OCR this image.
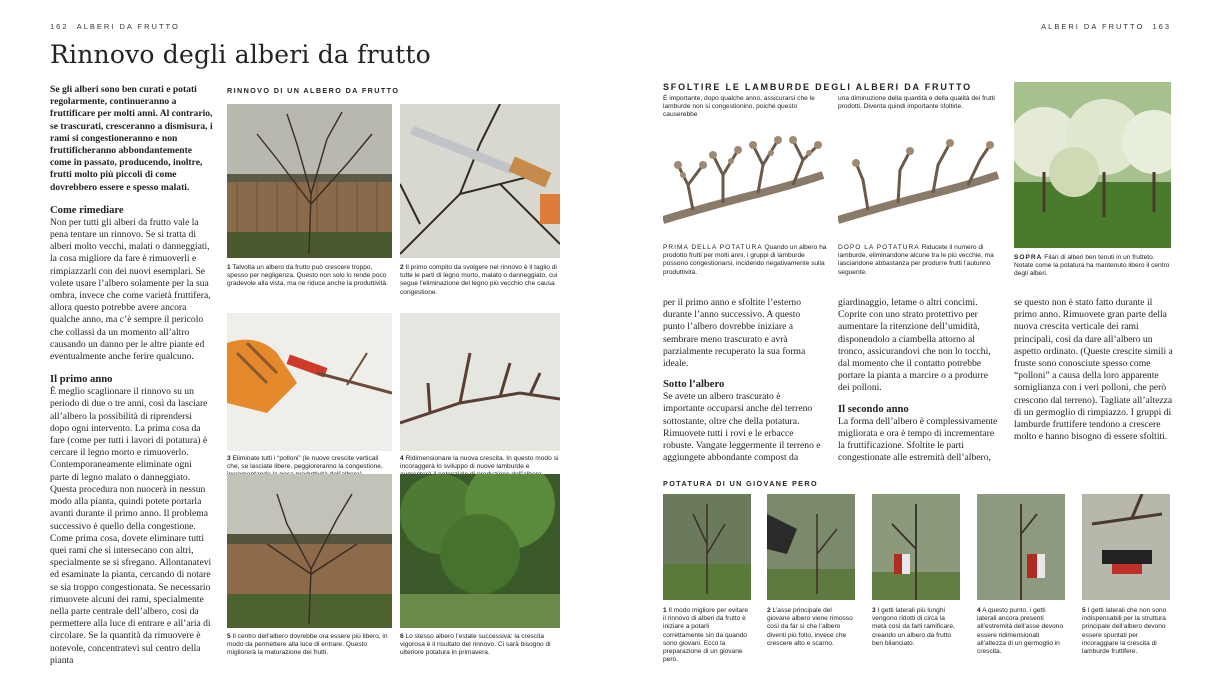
162 ALBERI DA FRUTTO
Rinnovo degli alberi da frutto

Se gli alberi sono ben curati e potati regolarmente, continueranno a fruttificare per molti anni. Al contrario, se trascurati, cresceranno a dismisura, i rami si congestioneranno e non fruttificheranno abbondantemente come in passato, producendo, inoltre, frutti molto più piccoli di come dovrebbero essere e spesso malati.

Come rimediare

Non per tutti gli alberi da frutto vale la pena tentare un rinnovo. Se si tratta di alberi molto vecchi, malati o danneggiati, la cosa migliore da fare è rimuoverli e rimpiazzarli con dei nuovi esemplari. Se volete usare l’albero solamente per la sua ombra, invece che come varietà fruttifera, allora questo potrebbe avere ancora qualche anno, ma c’è sempre il pericolo che collassi da un momento all’altro causando un danno per le altre piante ed eventualmente anche ferire qualcuno.

Il primo anno

È meglio scaglionare il rinnovo su un periodo di due o tre anni, così da lasciare all’albero la possibilità di riprendersi dopo ogni intervento. La prima cosa da fare (come per tutti i lavori di potatura) è cercare il legno morto e rimuoverlo. Contemporaneamente eliminate ogni parte di legno malato o danneggiato. Questa procedura non nuocerà in nessun modo alla pianta, quindi potete portarla avanti durante il primo anno. Il problema successivo è quello della congestione. Come prima cosa, dovete eliminare tutti quei rami che si intersecano con altri, specialmente se si sfregano. Allontanatevi ed esaminate la pianta, cercando di notare se sia troppo congestionata. Se necessario rimuovete alcuni dei rami, specialmente nella parte centrale dell’albero, così da permettere alla luce di entrare e all’aria di circolare. Se la quantità da rimuovere è notevole, concentratevi sul centro della pianta

RINNOVO DI UN ALBERO DA FRUTTO

1 Talvolta un albero da frutto può crescere troppo, spesso per negligenza. Questo non solo lo rende poco gradevole alla vista, ma ne riduce anche la produttività.

2 Il primo compito da svolgere nel rinnovo è il taglio di tutte le parti di legno morto, malato o danneggiato, cui segue l’eliminazione del legno più vecchio che causa congestione.

3 Eliminate tutti i “polloni” (le nuove crescite verticali che, se lasciate libere, peggioreranno la congestione,

4 Ridimensionare la nuova crescita. In questo modo si incoraggerà lo sviluppo di nuove lamburde e

5 Il centro dell’albero dovrebbe ora essere più libero, in modo da permettere alla luce di entrare. Questo migliorerà la maturazione dei frutti.

6 Lo stesso albero l’estate successiva: la crescita vigorosa è il risultato del rinnovo. Ci sarà bisogno di ulteriore potatura in primavera.

ALBERI DA FRUTTO 163
SFOLTIRE LE LAMBURDE DEGLI ALBERI DA FRUTTO

È importante, dopo qualche anno, assicurarsi che le lamburde non si congestionino, poiché questo causerebbe

una diminuzione della quantità e della qualità dei frutti prodotti. Diventa quindi importante sfoltirle.

PRIMA DELLA POTATURA Quando un albero ha prodotto frutti per molti anni, i gruppi di lamburde possono congestionarsi, incidendo negativamente sulla produttività.

DOPO LA POTATURA Riducete il numero di lamburde, eliminandone alcune tra le più vecchie, ma lasciandone abbastanza per produrre frutti l’autunno seguente.

SOPRA Filari di alberi ben tenuti in un frutteto. Notate come la potatura ha mantenuto libero il centro degli alberi.

per il primo anno e sfoltite l’esterno durante l’anno successivo. A questo punto l’albero dovrebbe iniziare a sembrare meno trascurato e avrà parzialmente recuperato la sua forma ideale.

Sotto l’albero

Se avete un albero trascurato è importante occuparsi anche del terreno sottostante, oltre che della potatura. Rimuovete tutti i rovi e le erbacce robuste. Vangate leggermente il terreno e aggiungete abbondante compost da

giardinaggio, letame o altri concimi. Coprite con uno strato protettivo per aumentare la ritenzione dell’umidità, disponendolo a ciambella attorno al tronco, assicurandovi che non lo tocchi, dal momento che il contatto potrebbe portare la pianta a marcire o a produrre dei polloni.

Il secondo anno

La forma dell’albero è complessivamente migliorata e ora è tempo di incrementare la fruttificazione. Sfoltite le parti congestionate alle estremità dell’albero,

se questo non è stato fatto durante il primo anno. Rimuovete gran parte della nuova crescita verticale dei rami principali, così da dare all’albero un aspetto ordinato. (Queste crescite simili a fruste sono conosciute spesso come “polloni” a causa della loro apparente somiglianza con i veri polloni, che però crescono dal terreno). Tagliate all’altezza di un germoglio di rimpiazzo. I gruppi di lamburde fruttifere tendono a crescere molto e hanno bisogno di essere sfoltiti.

POTATURA DI UN GIOVANE PERO

1 Il modo migliore per evitare il rinnovo di alberi da frutto è iniziare a potarli correttamente sin da quando sono giovani. Ecco la preparazione di un giovane pero.

2 L’asse principale del giovane albero viene rimosso così da far sì che l’albero diventi più folto, invece che crescere alto e scarno.

3 I getti laterali più lunghi vengono ridotti di circa la metà così da farli ramificare, creando un albero da frutto ben bilanciato.

4 A questo punto, i getti laterali ancora presenti all’estremità dell’asse devono essere ridimensionati all’altezza di un germoglio in crescita.

5 I getti laterali che non sono indispensabili per la struttura principale dell’albero devono essere spuntati per incoraggiare la crescita di lamburde fruttifere.
